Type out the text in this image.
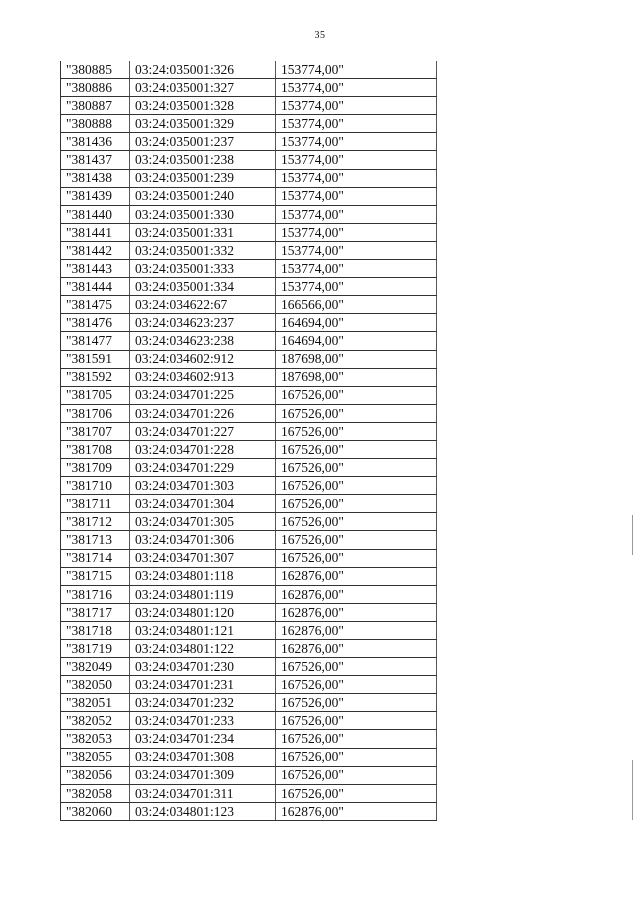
35
"380885	03:24:035001:326	153774,00"
"380886	03:24:035001:327	153774,00"
"380887	03:24:035001:328	153774,00"
"380888	03:24:035001:329	153774,00"
"381436	03:24:035001:237	153774,00"
"381437	03:24:035001:238	153774,00"
"381438	03:24:035001:239	153774,00"
"381439	03:24:035001:240	153774,00"
"381440	03:24:035001:330	153774,00"
"381441	03:24:035001:331	153774,00"
"381442	03:24:035001:332	153774,00"
"381443	03:24:035001:333	153774,00"
"381444	03:24:035001:334	153774,00"
"381475	03:24:034622:67	166566,00"
"381476	03:24:034623:237	164694,00"
"381477	03:24:034623:238	164694,00"
"381591	03:24:034602:912	187698,00"
"381592	03:24:034602:913	187698,00"
"381705	03:24:034701:225	167526,00"
"381706	03:24:034701:226	167526,00"
"381707	03:24:034701:227	167526,00"
"381708	03:24:034701:228	167526,00"
"381709	03:24:034701:229	167526,00"
"381710	03:24:034701:303	167526,00"
"381711	03:24:034701:304	167526,00"
"381712	03:24:034701:305	167526,00"
"381713	03:24:034701:306	167526,00"
"381714	03:24:034701:307	167526,00"
"381715	03:24:034801:118	162876,00"
"381716	03:24:034801:119	162876,00"
"381717	03:24:034801:120	162876,00"
"381718	03:24:034801:121	162876,00"
"381719	03:24:034801:122	162876,00"
"382049	03:24:034701:230	167526,00"
"382050	03:24:034701:231	167526,00"
"382051	03:24:034701:232	167526,00"
"382052	03:24:034701:233	167526,00"
"382053	03:24:034701:234	167526,00"
"382055	03:24:034701:308	167526,00"
"382056	03:24:034701:309	167526,00"
"382058	03:24:034701:311	167526,00"
"382060	03:24:034801:123	162876,00"
